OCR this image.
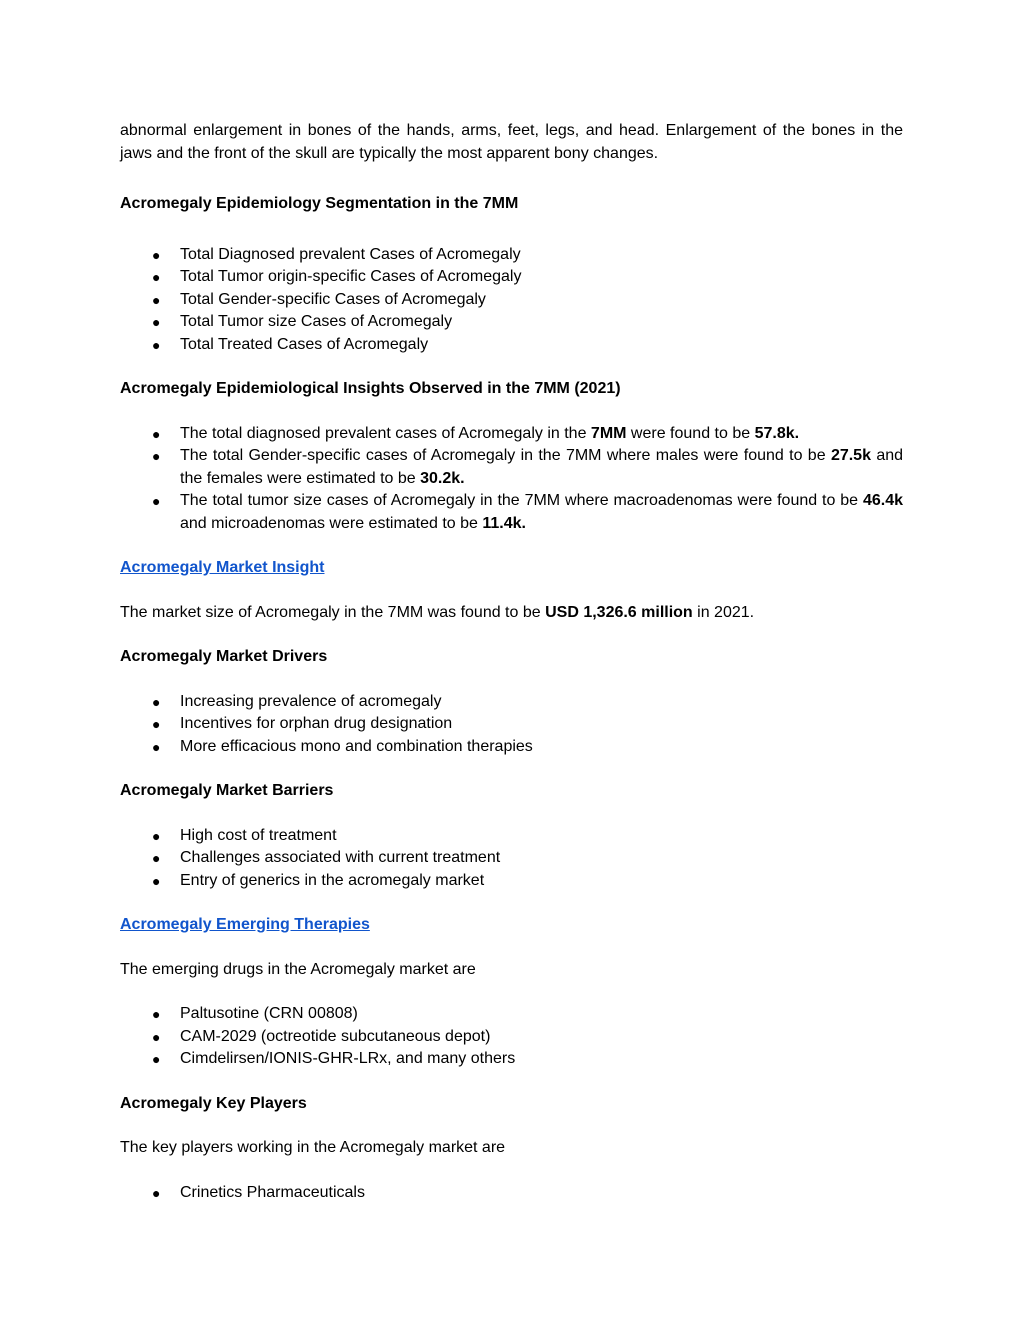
abnormal enlargement in bones of the hands, arms, feet, legs, and head. Enlargement of the bones in the jaws and the front of the skull are typically the most apparent bony changes.

Acromegaly Epidemiology Segmentation in the 7MM

● Total Diagnosed prevalent Cases of Acromegaly
● Total Tumor origin-specific Cases of Acromegaly
● Total Gender-specific Cases of Acromegaly
● Total Tumor size Cases of Acromegaly
● Total Treated Cases of Acromegaly

Acromegaly Epidemiological Insights Observed in the 7MM (2021)

● The total diagnosed prevalent cases of Acromegaly in the 7MM were found to be 57.8k.
● The total Gender-specific cases of Acromegaly in the 7MM where males were found to be 27.5k and the females were estimated to be 30.2k.
● The total tumor size cases of Acromegaly in the 7MM where macroadenomas were found to be 46.4k and microadenomas were estimated to be 11.4k.

Acromegaly Market Insight

The market size of Acromegaly in the 7MM was found to be USD 1,326.6 million in 2021.

Acromegaly Market Drivers

● Increasing prevalence of acromegaly
● Incentives for orphan drug designation
● More efficacious mono and combination therapies

Acromegaly Market Barriers

● High cost of treatment
● Challenges associated with current treatment
● Entry of generics in the acromegaly market

Acromegaly Emerging Therapies

The emerging drugs in the Acromegaly market are

● Paltusotine (CRN 00808)
● CAM-2029 (octreotide subcutaneous depot)
● Cimdelirsen/IONIS-GHR-LRx, and many others

Acromegaly Key Players

The key players working in the Acromegaly market are

● Crinetics Pharmaceuticals
